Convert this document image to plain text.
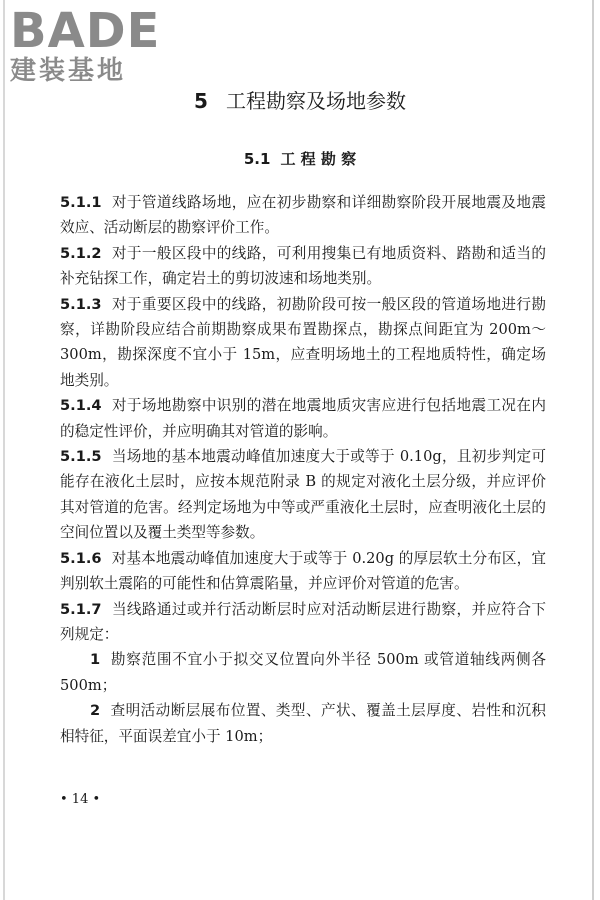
BADE
建装基地
5 工程勘察及场地参数
5.1 工 程 勘 察

5.1.1 对于管道线路场地，应在初步勘察和详细勘察阶段开展地震及地震效应、活动断层的勘察评价工作。

5.1.2 对于一般区段中的线路，可利用搜集已有地质资料、踏勘和适当的补充钻探工作，确定岩土的剪切波速和场地类别。

5.1.3 对于重要区段中的线路，初勘阶段可按一般区段的管道场地进行勘察，详勘阶段应结合前期勘察成果布置勘探点，勘探点间距宜为 200m～300m，勘探深度不宜小于 15m，应查明场地土的工程地质特性，确定场地类别。

5.1.4 对于场地勘察中识别的潜在地震地质灾害应进行包括地震工况在内的稳定性评价，并应明确其对管道的影响。

5.1.5 当场地的基本地震动峰值加速度大于或等于 0.10g，且初步判定可能存在液化土层时，应按本规范附录 B 的规定对液化土层分级，并应评价其对管道的危害。经判定场地为中等或严重液化土层时，应查明液化土层的空间位置以及覆土类型等参数。

5.1.6 对基本地震动峰值加速度大于或等于 0.20g 的厚层软土分布区，宜判别软土震陷的可能性和估算震陷量，并应评价对管道的危害。

5.1.7 当线路通过或并行活动断层时应对活动断层进行勘察，并应符合下列规定：

1 勘察范围不宜小于拟交叉位置向外半径 500m 或管道轴线两侧各 500m；

2 查明活动断层展布位置、类型、产状、覆盖土层厚度、岩性和沉积相特征，平面误差宜小于 10m；

• 14 •
